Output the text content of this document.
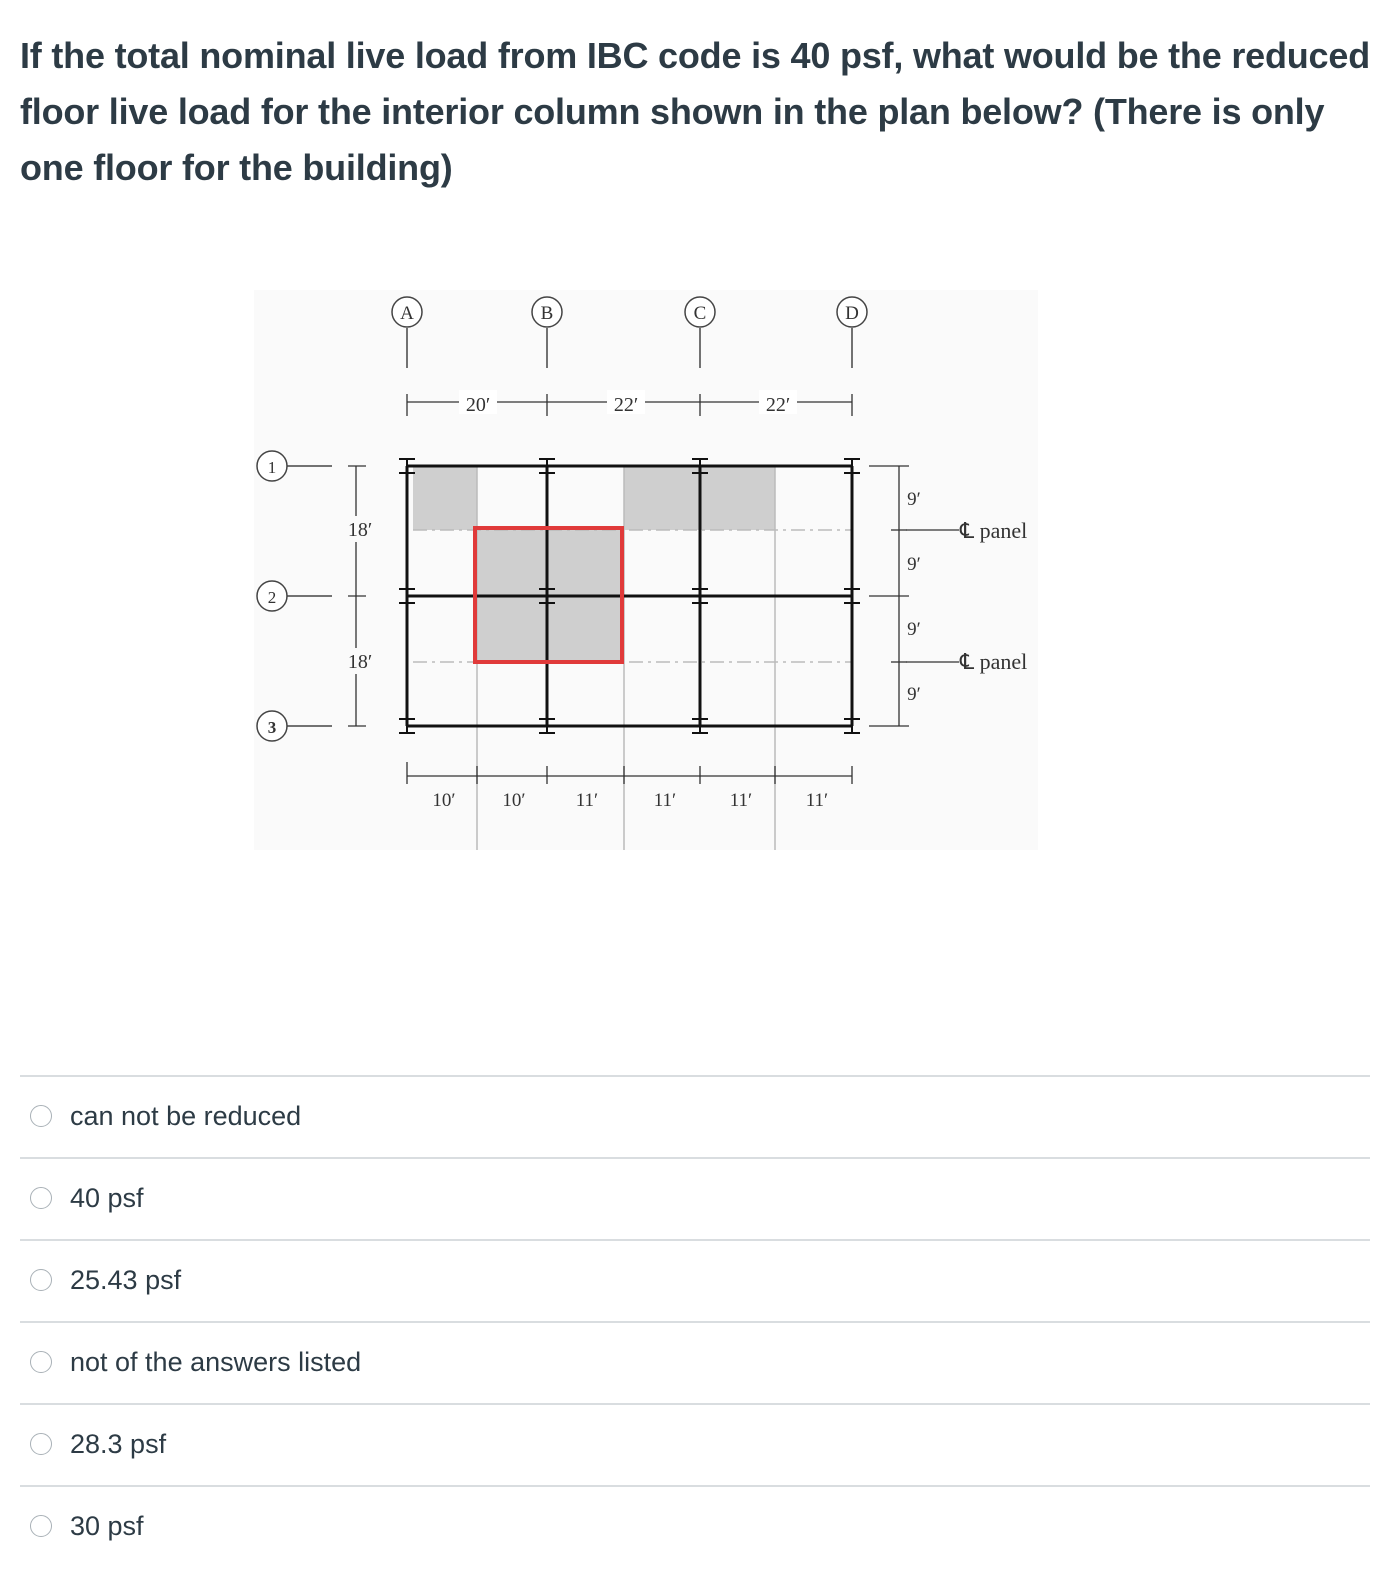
If the total nominal live load from IBC code is 40 psf, what would be the reduced floor live load for the interior column shown in the plan below? (There is only one floor for the building)

A	B	C	D
20′	22′	22′
1
2
3
18′
18′
9′
9′
9′
9′
℄ panel
℄ panel
10′ 10′	11′	11′	11′	11′
can not be reduced
40 psf
25.43 psf
not of the answers listed
28.3 psf
30 psf
